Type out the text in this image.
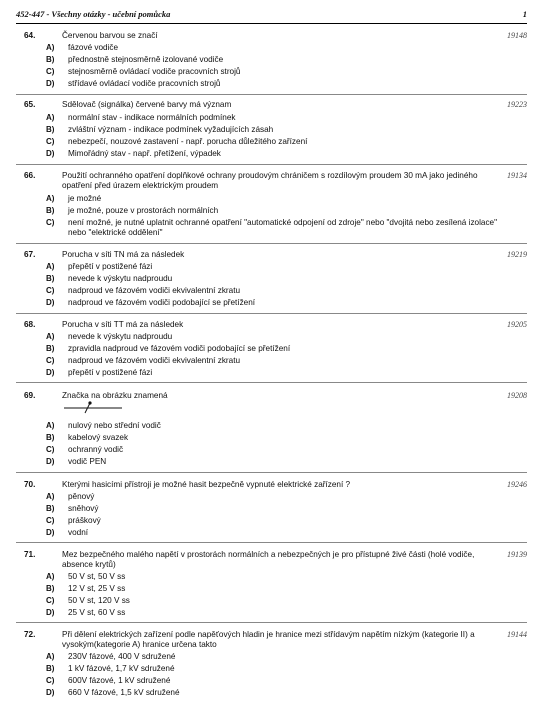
452-447 - Všechny otázky - učební pomůcka	1
64.	Červenou barvou se značí	19148
A) fázové vodiče
B) přednostně stejnosměrně izolované vodiče
C) stejnosměrně ovládací vodiče pracovních strojů
D) střídavé ovládací vodiče pracovních strojů
65.	Sdělovač (signálka) červené barvy má význam	19223
A) normální stav - indikace normálních podmínek
B) zvláštní význam - indikace podmínek vyžadujících zásah
C) nebezpečí, nouzové zastavení - např. porucha důležitého zařízení
D) Mimořádný stav - např. přetížení, výpadek
66.	Použití ochranného opatření doplňkové ochrany proudovým chráničem s rozdílovým proudem 30 mA jako jediného opatření před úrazem elektrickým proudem
19134
A) je možné
B) je možné, pouze v prostorách normálních
C) není možné, je nutné uplatnit ochranné opatření "automatické odpojení od zdroje" nebo "dvojitá nebo zesílená izolace" nebo "elektrické oddělení"
67.	Porucha v síti TN má za následek	19219
A) přepětí v postižené fázi
B) nevede k výskytu nadproudu
C) nadproud ve fázovém vodiči ekvivalentní zkratu
D) nadproud ve fázovém vodiči podobající se přetížení
68.	Porucha v síti TT má za následek	19205
A) nevede k výskytu nadproudu
B) zpravidla nadproud ve fázovém vodiči podobající se přetížení
C) nadproud ve fázovém vodiči ekvivalentní zkratu
D) přepětí v postižené fázi
69.	Značka na obrázku znamená	19208
A) nulový nebo střední vodič
B) kabelový svazek
C) ochranný vodič
D) vodič PEN
70.	Kterými hasicími přístroji je možné hasit bezpečně vypnuté elektrické zařízení ?	19246
A) pěnový
B) sněhový
C) práškový
D) vodní
71.	Mez bezpečného malého napětí v prostorách normálních a nebezpečných je pro přístupné živé části (holé vodiče, absence krytů)
19139
A) 50 V st, 50 V ss
B) 12 V st, 25 V ss
C) 50 V st, 120 V ss
D) 25 V st, 60 V ss
72.	Při dělení elektrických zařízení podle napěťových hladin je hranice mezi střídavým napětím nízkým (kategorie II) a vysokým(kategorie A) hranice určena takto
19144
A) 230V fázové, 400 V sdružené
B) 1 kV fázové, 1,7 kV sdružené
C) 600V fázové, 1 kV sdružené
D) 660 V fázové, 1,5 kV sdružené
